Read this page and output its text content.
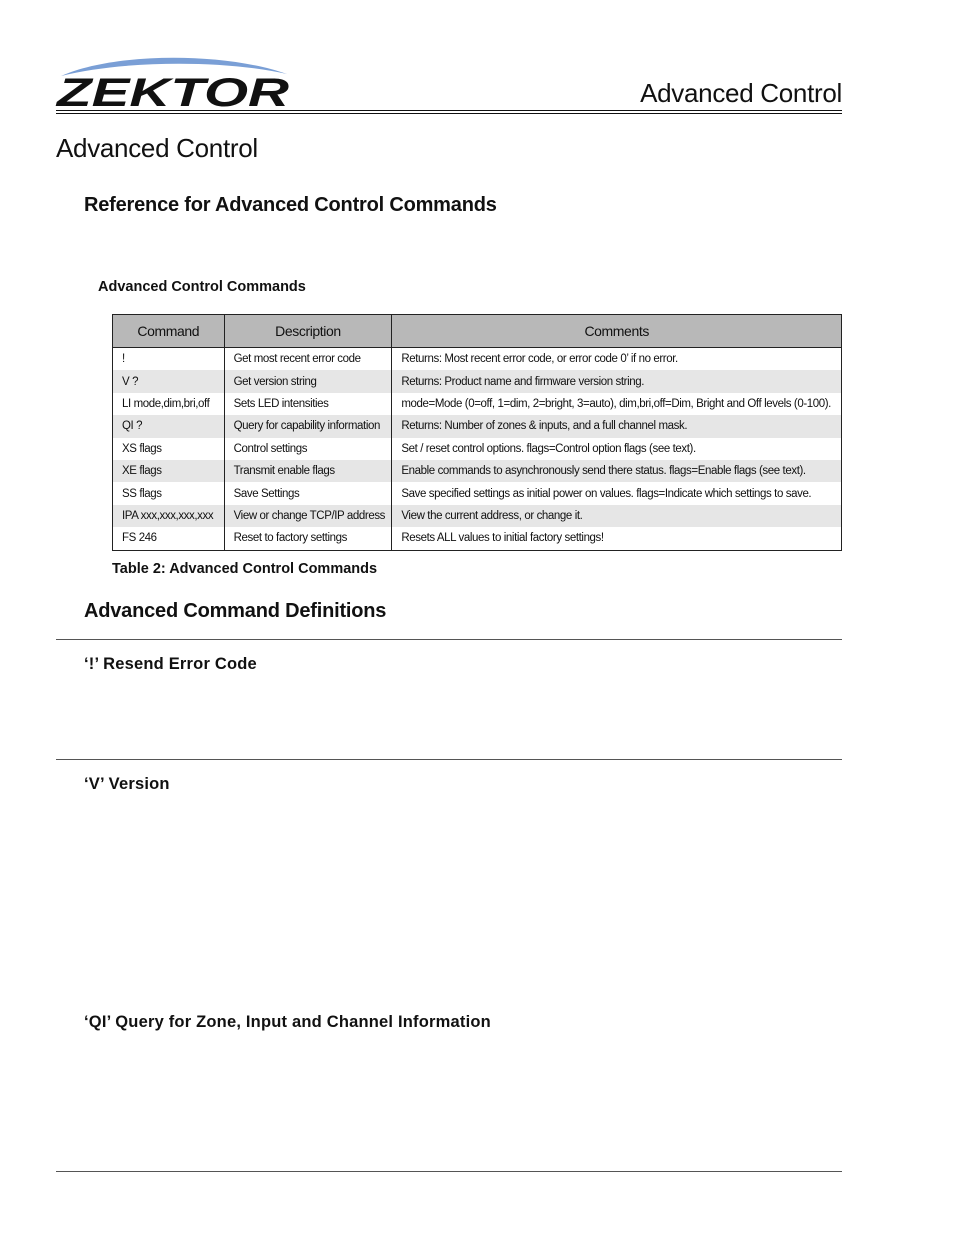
ZEKTOR	Advanced Control
Advanced Control
Reference for Advanced Control Commands
Advanced Control Commands
Command	Description	Comments
!	Get most recent error code	Returns: Most recent error code, or error code 0’ if no error.
V ?	Get version string	Returns: Product name and firmware version string.
LI mode,dim,bri,off	Sets LED intensities	mode=Mode (0=off, 1=dim, 2=bright, 3=auto), dim,bri,off=Dim, Bright and Off levels (0-100).
QI ?	Query for capability information	Returns: Number of zones & inputs, and a full channel mask.
XS flags	Control settings	Set / reset control options. flags=Control option flags (see text).
XE flags	Transmit enable flags	Enable commands to asynchronously send there status. flags=Enable flags (see text).
SS flags	Save Settings	Save specified settings as initial power on values. flags=Indicate which settings to save.
IPA xxx,xxx,xxx,xxx	View or change TCP/IP address	View the current address, or change it.
FS 246	Reset to factory settings	Resets ALL values to initial factory settings!
Table 2: Advanced Control Commands
Advanced Command Definitions
‘!’ Resend Error Code
‘V’ Version
‘QI’ Query for Zone, Input and Channel Information
